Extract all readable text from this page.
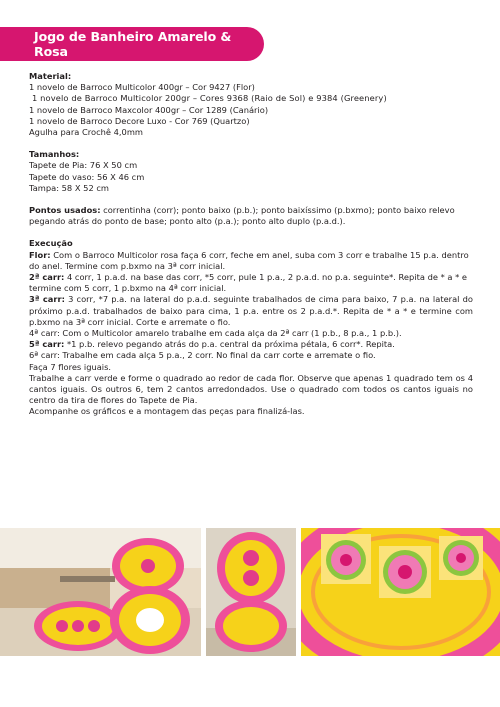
Jogo de Banheiro Amarelo & Rosa
Material:
1 novelo de Barroco Multicolor 400gr – Cor 9427 (Flor)
1 novelo de Barroco Multicolor 200gr – Cores 9368 (Raio de Sol) e 9384 (Greenery)
1 novelo de Barroco Maxcolor 400gr – Cor 1289 (Canário)
1 novelo de Barroco Decore Luxo - Cor 769 (Quartzo)
Agulha para Crochê 4,0mm
Tamanhos:
Tapete de Pia: 76 X 50 cm
Tapete do vaso: 56 X 46 cm
Tampa: 58 X 52 cm
Pontos usados: correntinha (corr); ponto baixo (p.b.); ponto baixíssimo (p.bxmo); ponto baixo relevo pegando atrás do ponto de base; ponto alto (p.a.); ponto alto duplo (p.a.d.).
Execução
Flor: Com o Barroco Multicolor rosa faça 6 corr, feche em anel, suba com 3 corr e trabalhe 15 p.a. dentro do anel. Termine com p.bxmo na 3ª corr inicial.
2ª carr: 4 corr, 1 p.a.d. na base das corr, *5 corr, pule 1 p.a., 2 p.a.d. no p.a. seguinte*. Repita de * a * e termine com 5 corr, 1 p.bxmo na 4ª corr inicial.
3ª carr: 3 corr, *7 p.a. na lateral do p.a.d. seguinte trabalhados de cima para baixo, 7 p.a. na lateral do próximo p.a.d. trabalhados de baixo para cima, 1 p.a. entre os 2 p.a.d.*. Repita de * a * e termine com p.bxmo na 3ª corr inicial. Corte e arremate o fio.
4ª carr: Com o Multicolor amarelo trabalhe em cada alça da 2ª carr (1 p.b., 8 p.a., 1 p.b.).
5ª carr: *1 p.b. relevo pegando atrás do p.a. central da próxima pétala, 6 corr*. Repita.
6ª carr: Trabalhe em cada alça 5 p.a., 2 corr. No final da carr corte e arremate o fio.
Faça 7 flores iguais.
Trabalhe a carr verde e forme o quadrado ao redor de cada flor. Observe que apenas 1 quadrado tem os 4 cantos iguais. Os outros 6, tem 2 cantos arredondados. Use o quadrado com todos os cantos iguais no centro da tira de flores do Tapete de Pia.
Acompanhe os gráficos e a montagem das peças para finalizá-las.
